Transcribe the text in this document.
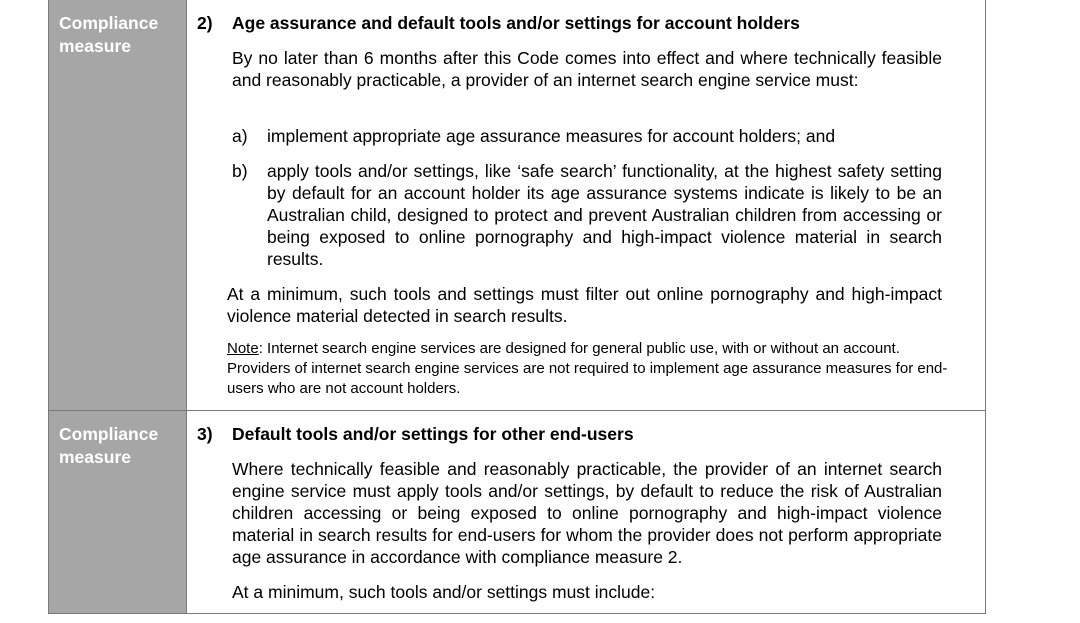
Compliance measure
2) Age assurance and default tools and/or settings for account holders
By no later than 6 months after this Code comes into effect and where technically feasible and reasonably practicable, a provider of an internet search engine service must:
a) implement appropriate age assurance measures for account holders; and
b) apply tools and/or settings, like ‘safe search’ functionality, at the highest safety setting by default for an account holder its age assurance systems indicate is likely to be an Australian child, designed to protect and prevent Australian children from accessing or being exposed to online pornography and high-impact violence material in search results.
At a minimum, such tools and settings must filter out online pornography and high-impact violence material detected in search results.
Note: Internet search engine services are designed for general public use, with or without an account. Providers of internet search engine services are not required to implement age assurance measures for end-users who are not account holders.
Compliance measure
3) Default tools and/or settings for other end-users
Where technically feasible and reasonably practicable, the provider of an internet search engine service must apply tools and/or settings, by default to reduce the risk of Australian children accessing or being exposed to online pornography and high-impact violence material in search results for end-users for whom the provider does not perform appropriate age assurance in accordance with compliance measure 2.
At a minimum, such tools and/or settings must include:
